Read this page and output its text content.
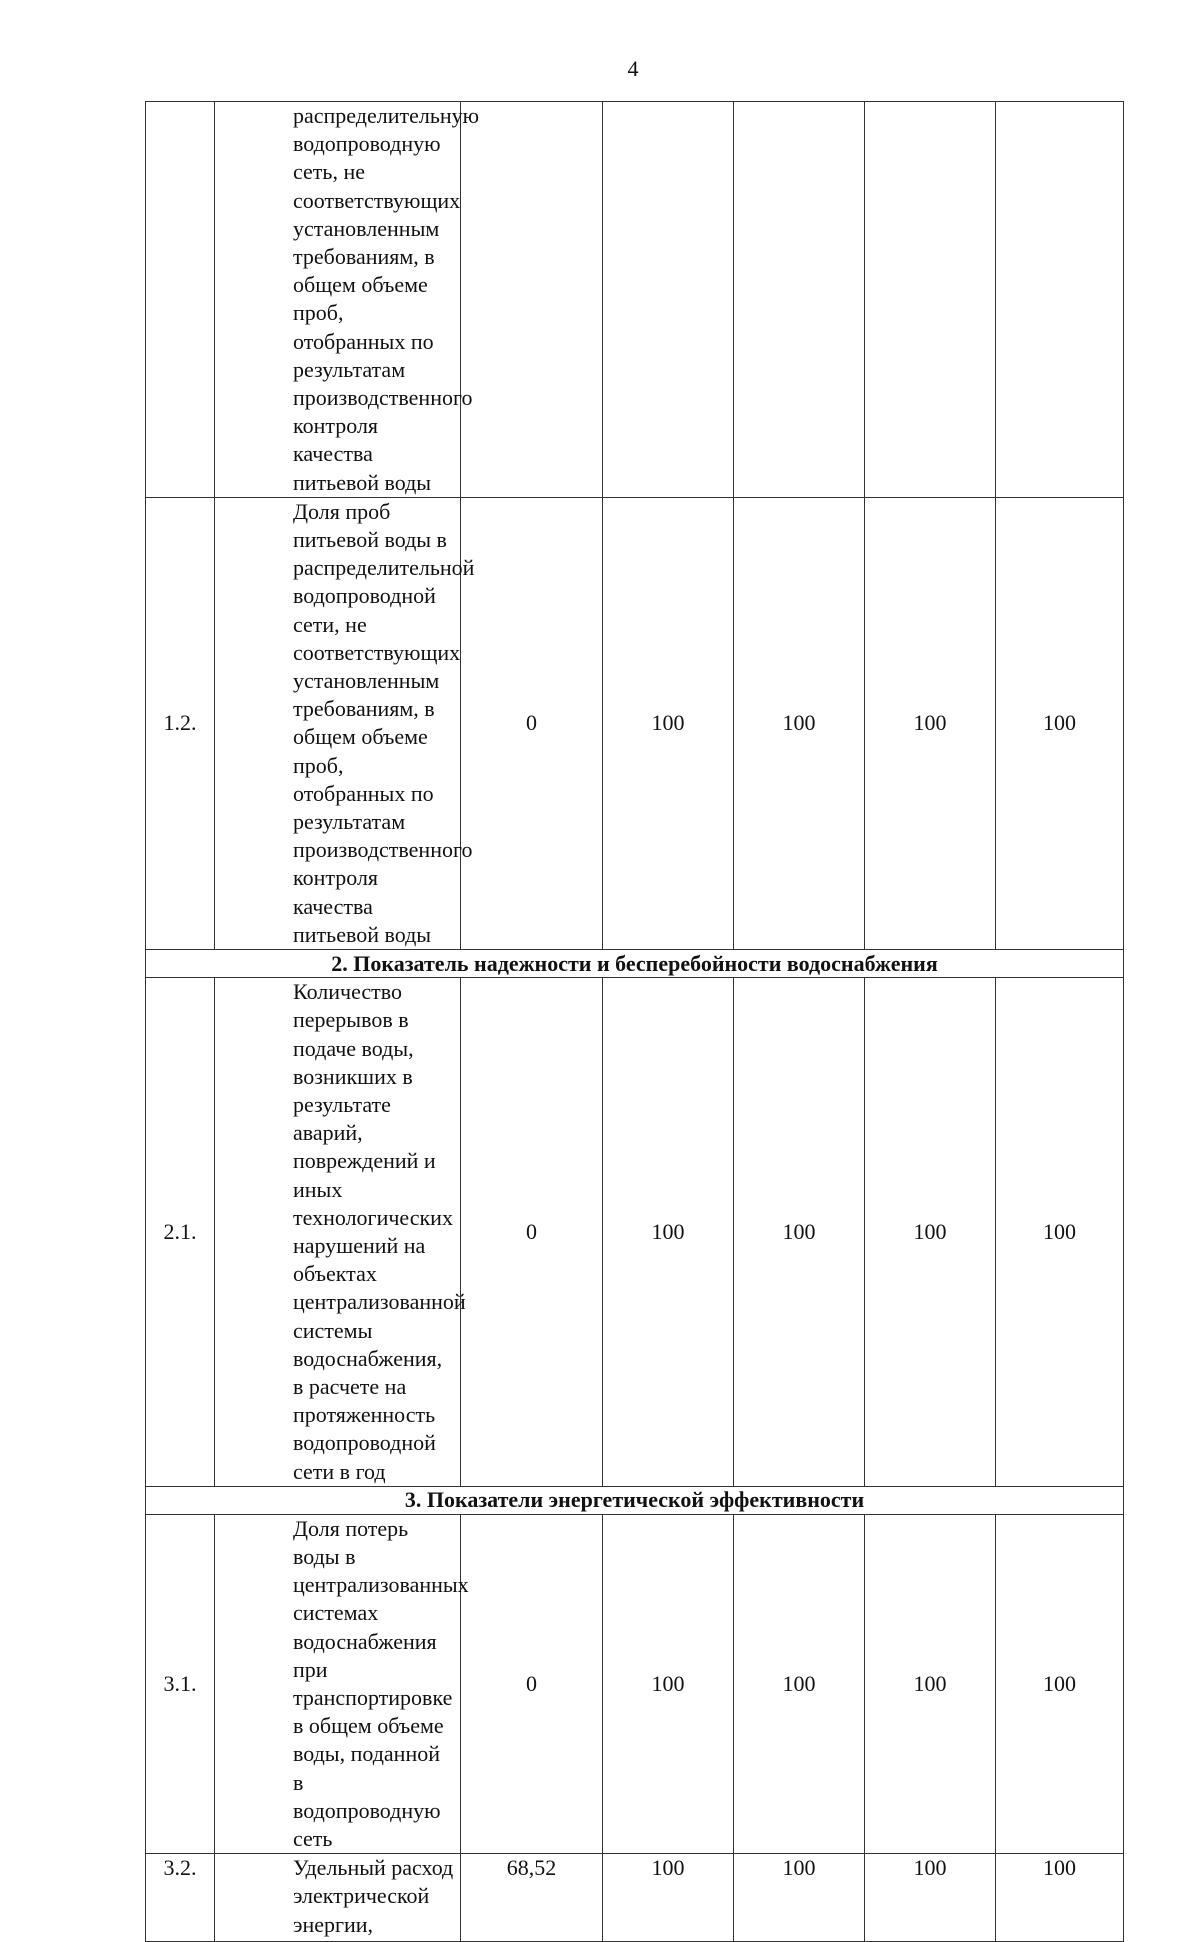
4
	распределительную водопроводную сеть, не соответствующих установленным требованиям, в общем объеме проб, отобранных по результатам производственного контроля качества питьевой воды					
1.2.	Доля проб питьевой воды в распределительной водопроводной сети, не соответствующих установленным требованиям, в общем объеме проб, отобранных по результатам производственного контроля качества питьевой воды	0	100	100	100	100
2. Показатель надежности и бесперебойности водоснабжения						
2.1.	Количество перерывов в подаче воды, возникших в результате аварий, повреждений и иных технологических нарушений на объектах централизованной системы водоснабжения, в расчете на протяженность водопроводной сети в год	0	100	100	100	100
3. Показатели энергетической эффективности						
3.1.	Доля потерь воды в централизованных системах водоснабжения при транспортировке в общем объеме воды, поданной в водопроводную сеть	0	100	100	100	100
3.2.	Удельный расход электрической энергии,	68,52	100	100	100	100
